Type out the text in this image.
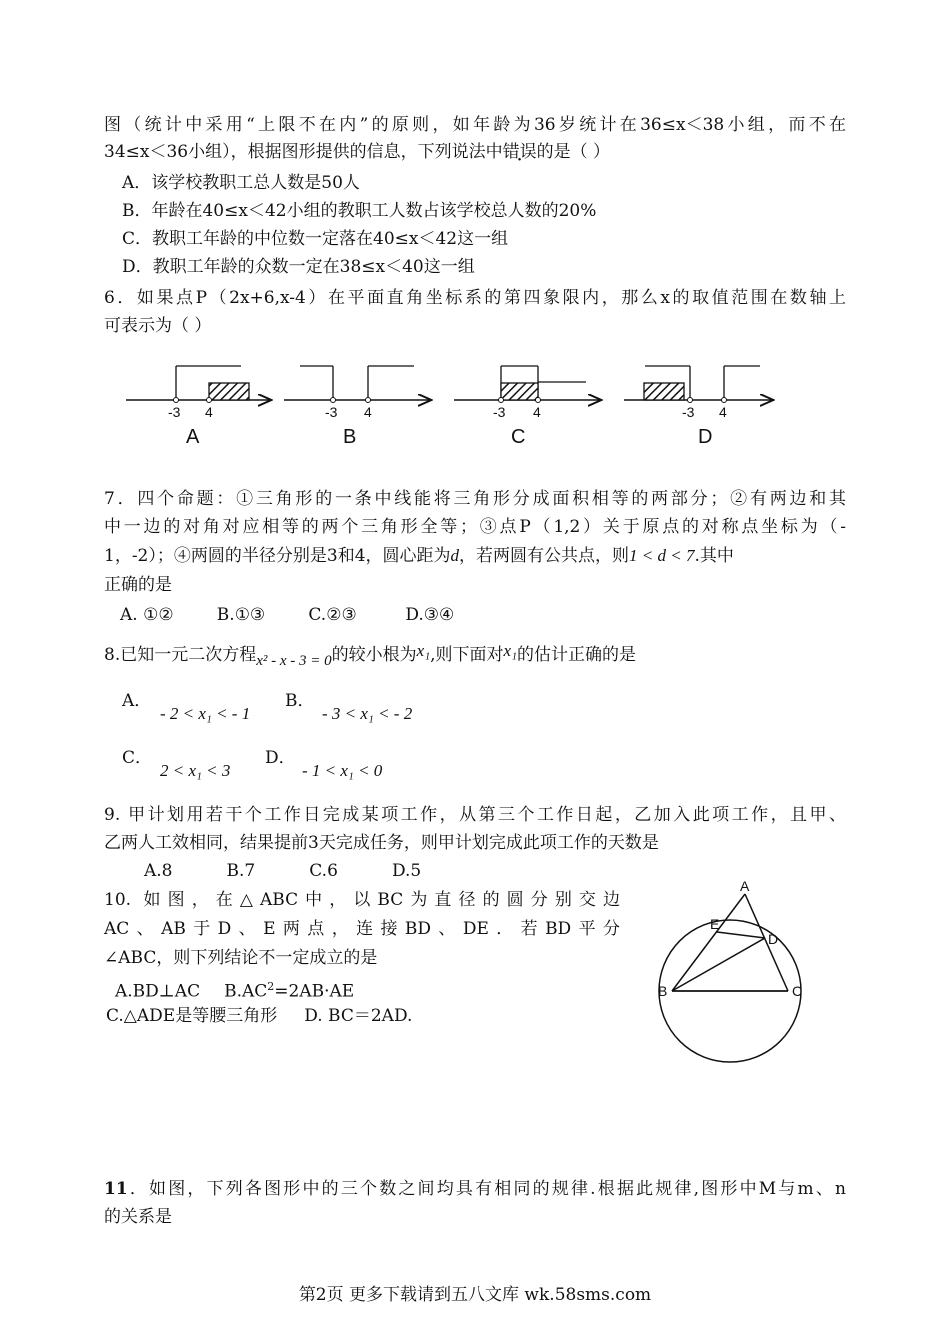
图（统计中采用“上限不在内”的原则，如年龄为36岁统计在36≤x＜38小组，而不在
34≤x＜36小组），根据图形提供的信息，下列说法中错误的是（ ）
A．该学校教职工总人数是50人
B．年龄在40≤x＜42小组的教职工人数占该学校总人数的20%
C．教职工年龄的中位数一定落在40≤x＜42这一组
D．教职工年龄的众数一定在38≤x＜40这一组
6．如果点P（2x+6,x-4）在平面直角坐标系的第四象限内，那么x的取值范围在数轴上
可表示为（ ）
-3 4
A
-3 4
B
-3 4
C
-3 4
D
7．四个命题：①三角形的一条中线能将三角形分成面积相等的两部分；②有两边和其
中一边的对角对应相等的两个三角形全等；③点P（1,2）关于原点的对称点坐标为（-
1，-2）；④两圆的半径分别是3和4，圆心距为d，若两圆有公共点，则1 < d < 7.其中
正确的是
A. ①②        B.①③        C.②③         D.③④
8.已知一元二次方程x² - x - 3 = 0的较小根为x₁,则下面对x₁的估计正确的是
A．
- 2 < x₁ < - 1
B．
- 3 < x₁ < - 2
C．
2 < x₁ < 3
D．
- 1 < x₁ < 0
9. 甲计划用若干个工作日完成某项工作，从第三个工作日起，乙加入此项工作，且甲、
乙两人工效相同，结果提前3天完成任务，则甲计划完成此项工作的天数是
A.8          B.7          C.6          D.5
10. 如图，在△ABC中，以BC为直径的圆分别交边
AC、AB于D、E两点，连接BD、DE．若BD平分
∠ABC，则下列结论不一定成立的是
A.BD⊥AC $B.AC^2=2AB\cdot AE$
C.△ADE是等腰三角形     D. BC＝2AD.
A
B	C
D
E
11．如图，下列各图形中的三个数之间均具有相同的规律.根据此规律,图形中M与m、n
的关系是
第2页 更多下载请到五八文库 wk.58sms.com
